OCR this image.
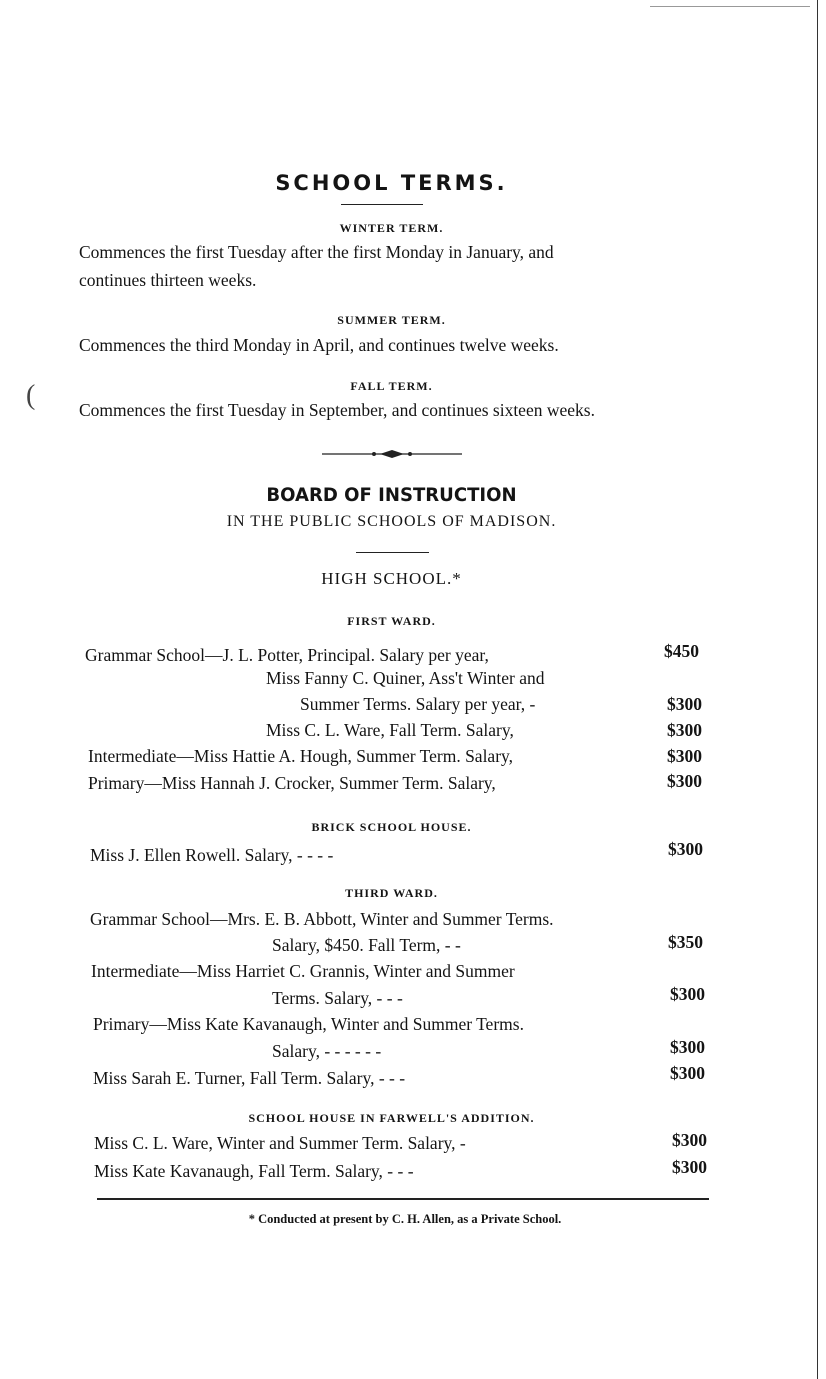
(
SCHOOL TERMS.
WINTER TERM.
Commences the first Tuesday after the first Monday in January, and
continues thirteen weeks.
SUMMER TERM.
Commences the third Monday in April, and continues twelve weeks.
FALL TERM.
Commences the first Tuesday in September, and continues sixteen weeks.
BOARD OF INSTRUCTION
IN THE PUBLIC SCHOOLS OF MADISON.
HIGH SCHOOL.*
FIRST WARD.
Grammar School—J. L. Potter, Principal. Salary per year,	$450
Miss Fanny C. Quiner, Ass't Winter and
Summer Terms. Salary per year, -	$300
Miss C. L. Ware, Fall Term. Salary,	$300
Intermediate—Miss Hattie A. Hough, Summer Term. Salary,	$300
Primary—Miss Hannah J. Crocker, Summer Term. Salary,	$300
BRICK SCHOOL HOUSE.
Miss J. Ellen Rowell. Salary, - - - -	$300
THIRD WARD.
Grammar School—Mrs. E. B. Abbott, Winter and Summer Terms.
Salary, $450. Fall Term, - -	$350
Intermediate—Miss Harriet C. Grannis, Winter and Summer
Terms. Salary, - - -	$300
Primary—Miss Kate Kavanaugh, Winter and Summer Terms.
Salary, - - - - - -	$300
Miss Sarah E. Turner, Fall Term. Salary, - - -	$300
SCHOOL HOUSE IN FARWELL'S ADDITION.
Miss C. L. Ware, Winter and Summer Term. Salary, -	$300
Miss Kate Kavanaugh, Fall Term. Salary, - - -	$300
* Conducted at present by C. H. Allen, as a Private School.
